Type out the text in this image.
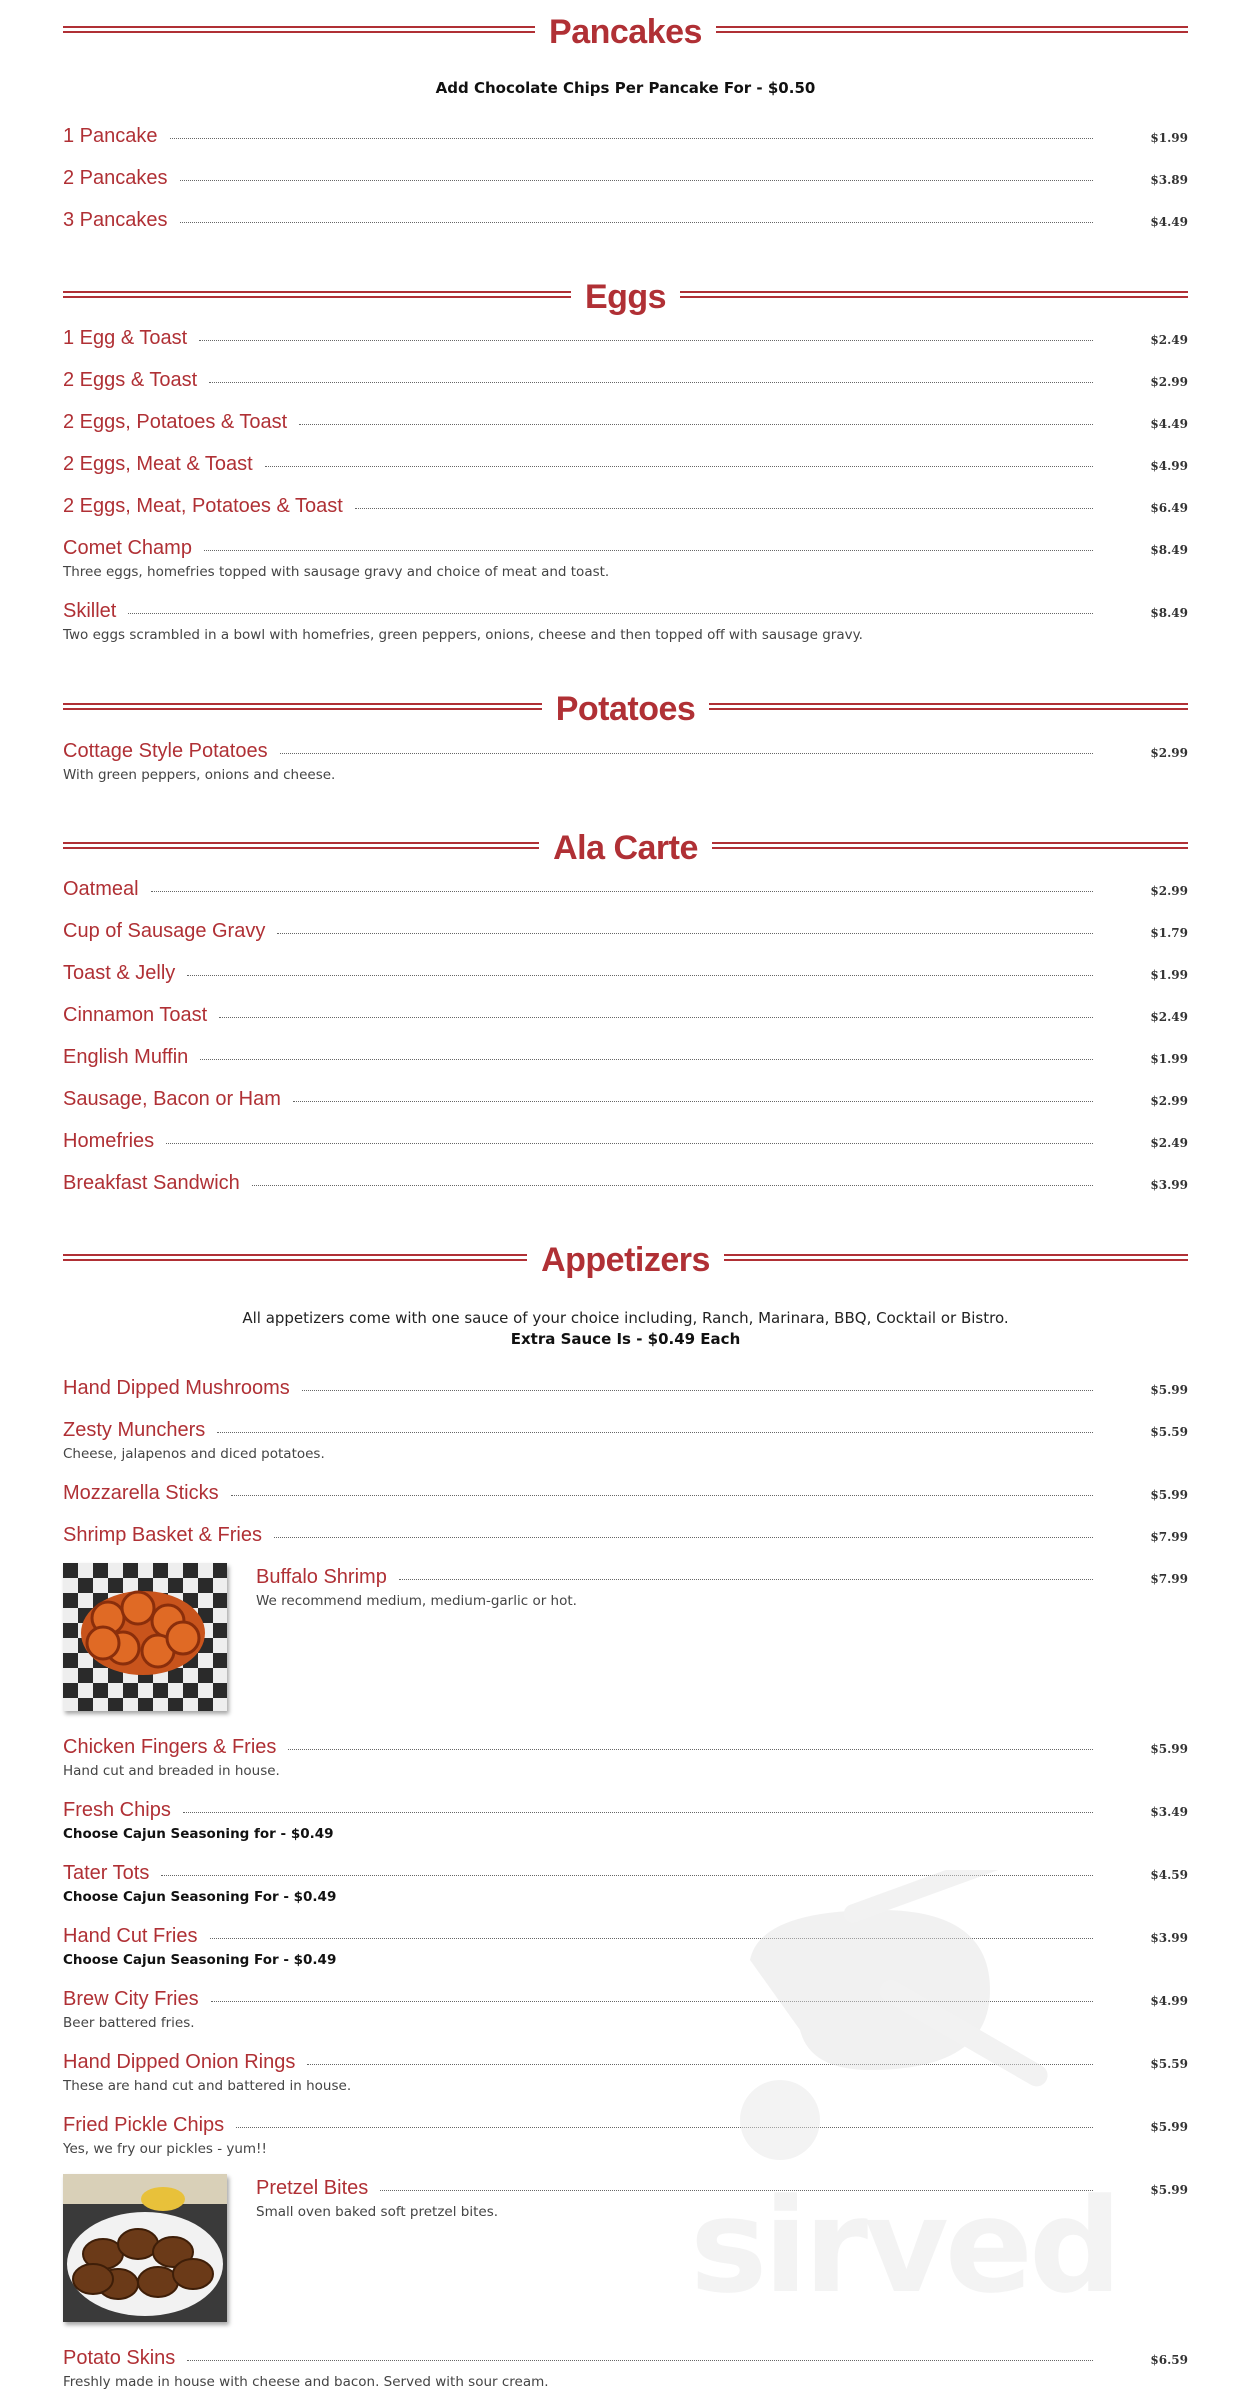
Pancakes
Add Chocolate Chips Per Pancake For - $0.50
1 Pancake	$1.99
2 Pancakes	$3.89
3 Pancakes	$4.49
Eggs
1 Egg & Toast	$2.49
2 Eggs & Toast	$2.99
2 Eggs, Potatoes & Toast	$4.49
2 Eggs, Meat & Toast	$4.99
2 Eggs, Meat, Potatoes & Toast	$6.49
Comet Champ	$8.49
Three eggs, homefries topped with sausage gravy and choice of meat and toast.
Skillet	$8.49
Two eggs scrambled in a bowl with homefries, green peppers, onions, cheese and then topped off with sausage gravy.
Potatoes
Cottage Style Potatoes	$2.99
With green peppers, onions and cheese.
Ala Carte
Oatmeal	$2.99
Cup of Sausage Gravy	$1.79
Toast & Jelly	$1.99
Cinnamon Toast	$2.49
English Muffin	$1.99
Sausage, Bacon or Ham	$2.99
Homefries	$2.49
Breakfast Sandwich	$3.99
Appetizers
All appetizers come with one sauce of your choice including, Ranch, Marinara, BBQ, Cocktail or Bistro.
Extra Sauce Is - $0.49 Each
Hand Dipped Mushrooms	$5.99
Zesty Munchers	$5.59
Cheese, jalapenos and diced potatoes.
Mozzarella Sticks	$5.99
Shrimp Basket & Fries	$7.99
Buffalo Shrimp	$7.99
We recommend medium, medium-garlic or hot.
Chicken Fingers & Fries	$5.99
Hand cut and breaded in house.
Fresh Chips	$3.49
Choose Cajun Seasoning for - $0.49
Tater Tots	$4.59
Choose Cajun Seasoning For - $0.49
Hand Cut Fries	$3.99
Choose Cajun Seasoning For - $0.49
Brew City Fries	$4.99
Beer battered fries.
Hand Dipped Onion Rings	$5.59
These are hand cut and battered in house.
Fried Pickle Chips	$5.99
Yes, we fry our pickles - yum!!
Pretzel Bites	$5.99
Small oven baked soft pretzel bites.
Potato Skins	$6.59
Freshly made in house with cheese and bacon. Served with sour cream.
sirved
